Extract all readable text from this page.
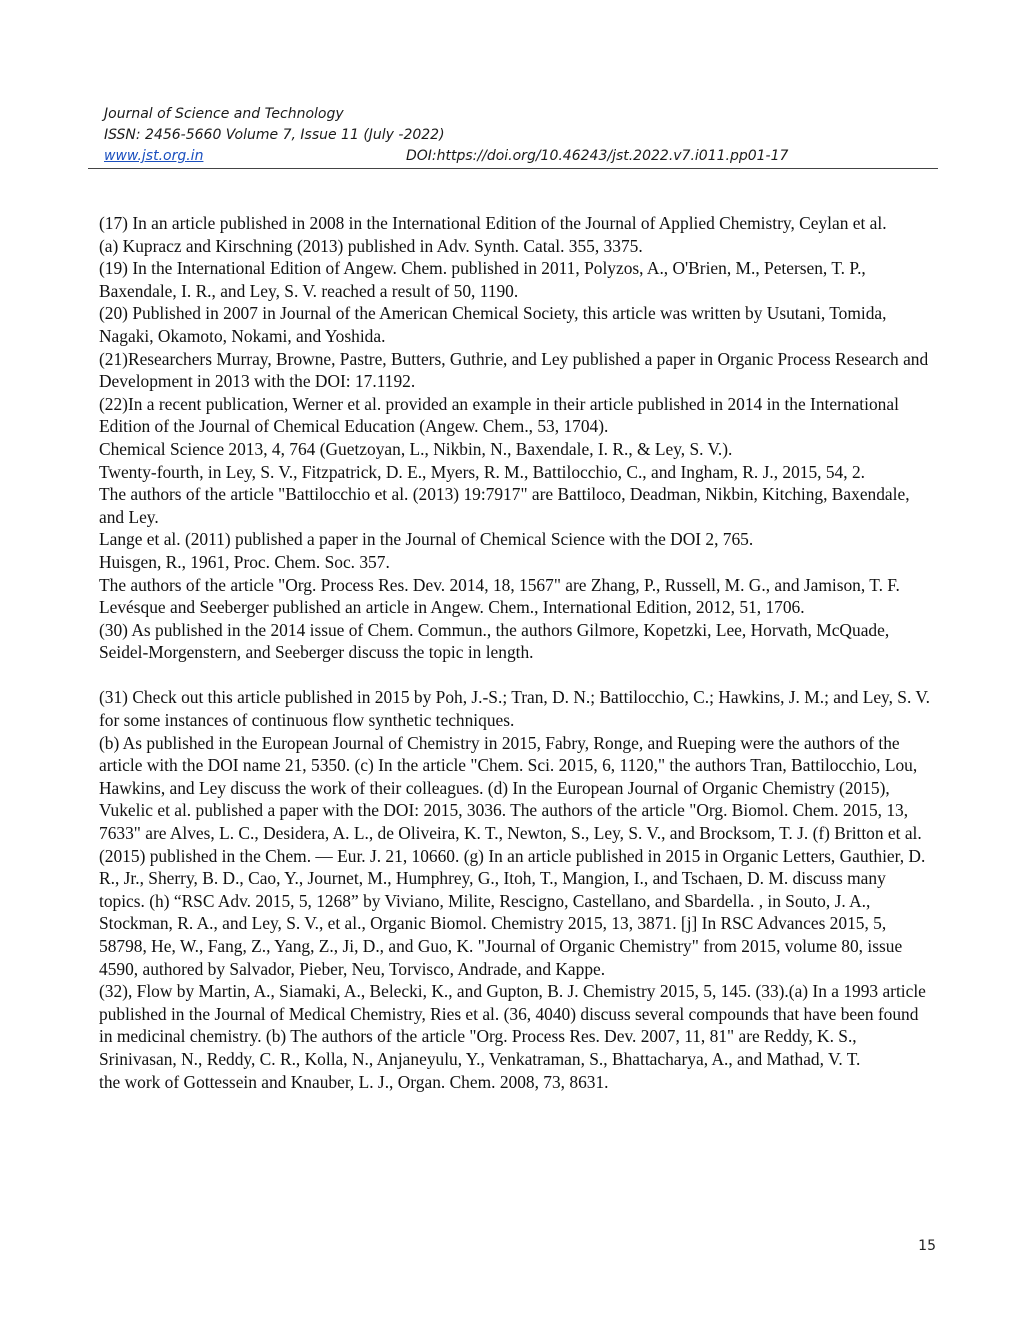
Journal of Science and Technology
ISSN: 2456-5660 Volume 7, Issue 11 (July -2022)
www.jst.org.in	DOI:https://doi.org/10.46243/jst.2022.v7.i011.pp01-17

(17) In an article published in 2008 in the International Edition of the Journal of Applied Chemistry, Ceylan et al.

(a) Kupracz and Kirschning (2013) published in Adv. Synth. Catal. 355, 3375.

(19) In the International Edition of Angew. Chem. published in 2011, Polyzos, A., O'Brien, M., Petersen, T. P., Baxendale, I. R., and Ley, S. V. reached a result of 50, 1190.

(20) Published in 2007 in Journal of the American Chemical Society, this article was written by Usutani, Tomida, Nagaki, Okamoto, Nokami, and Yoshida.

(21)Researchers Murray, Browne, Pastre, Butters, Guthrie, and Ley published a paper in Organic Process Research and Development in 2013 with the DOI: 17.1192.

(22)In a recent publication, Werner et al. provided an example in their article published in 2014 in the International Edition of the Journal of Chemical Education (Angew. Chem., 53, 1704).

Chemical Science 2013, 4, 764 (Guetzoyan, L., Nikbin, N., Baxendale, I. R., & Ley, S. V.).

Twenty-fourth, in Ley, S. V., Fitzpatrick, D. E., Myers, R. M., Battilocchio, C., and Ingham, R. J., 2015, 54, 2.

The authors of the article "Battilocchio et al. (2013) 19:7917" are Battiloco, Deadman, Nikbin, Kitching, Baxendale, and Ley.

Lange et al. (2011) published a paper in the Journal of Chemical Science with the DOI 2, 765.

Huisgen, R., 1961, Proc. Chem. Soc. 357.

The authors of the article "Org. Process Res. Dev. 2014, 18, 1567" are Zhang, P., Russell, M. G., and Jamison, T. F.

Levésque and Seeberger published an article in Angew. Chem., International Edition, 2012, 51, 1706.

(30) As published in the 2014 issue of Chem. Commun., the authors Gilmore, Kopetzki, Lee, Horvath, McQuade, Seidel-Morgenstern, and Seeberger discuss the topic in length.

(31) Check out this article published in 2015 by Poh, J.-S.; Tran, D. N.; Battilocchio, C.; Hawkins, J. M.; and Ley, S. V. for some instances of continuous flow synthetic techniques.

(b) As published in the European Journal of Chemistry in 2015, Fabry, Ronge, and Rueping were the authors of the article with the DOI name 21, 5350. (c) In the article "Chem. Sci. 2015, 6, 1120," the authors Tran, Battilocchio, Lou, Hawkins, and Ley discuss the work of their colleagues. (d) In the European Journal of Organic Chemistry (2015), Vukelic et al. published a paper with the DOI: 2015, 3036. The authors of the article "Org. Biomol. Chem. 2015, 13, 7633" are Alves, L. C., Desidera, A. L., de Oliveira, K. T., Newton, S., Ley, S. V., and Brocksom, T. J. (f) Britton et al. (2015) published in the Chem. — Eur. J. 21, 10660. (g) In an article published in 2015 in Organic Letters, Gauthier, D. R., Jr., Sherry, B. D., Cao, Y., Journet, M., Humphrey, G., Itoh, T., Mangion, I., and Tschaen, D. M. discuss many topics. (h) “RSC Adv. 2015, 5, 1268” by Viviano, Milite, Rescigno, Castellano, and Sbardella. , in Souto, J. A., Stockman, R. A., and Ley, S. V., et al., Organic Biomol. Chemistry 2015, 13, 3871. [j] In RSC Advances 2015, 5, 58798, He, W., Fang, Z., Yang, Z., Ji, D., and Guo, K. "Journal of Organic Chemistry" from 2015, volume 80, issue 4590, authored by Salvador, Pieber, Neu, Torvisco, Andrade, and Kappe.

(32), Flow by Martin, A., Siamaki, A., Belecki, K., and Gupton, B. J. Chemistry 2015, 5, 145. (33).(a) In a 1993 article published in the Journal of Medical Chemistry, Ries et al. (36, 4040) discuss several compounds that have been found in medicinal chemistry. (b) The authors of the article "Org. Process Res. Dev. 2007, 11, 81" are Reddy, K. S., Srinivasan, N., Reddy, C. R., Kolla, N., Anjaneyulu, Y., Venkatraman, S., Bhattacharya, A., and Mathad, V. T.

the work of Gottessein and Knauber, L. J., Organ. Chem. 2008, 73, 8631.

15
